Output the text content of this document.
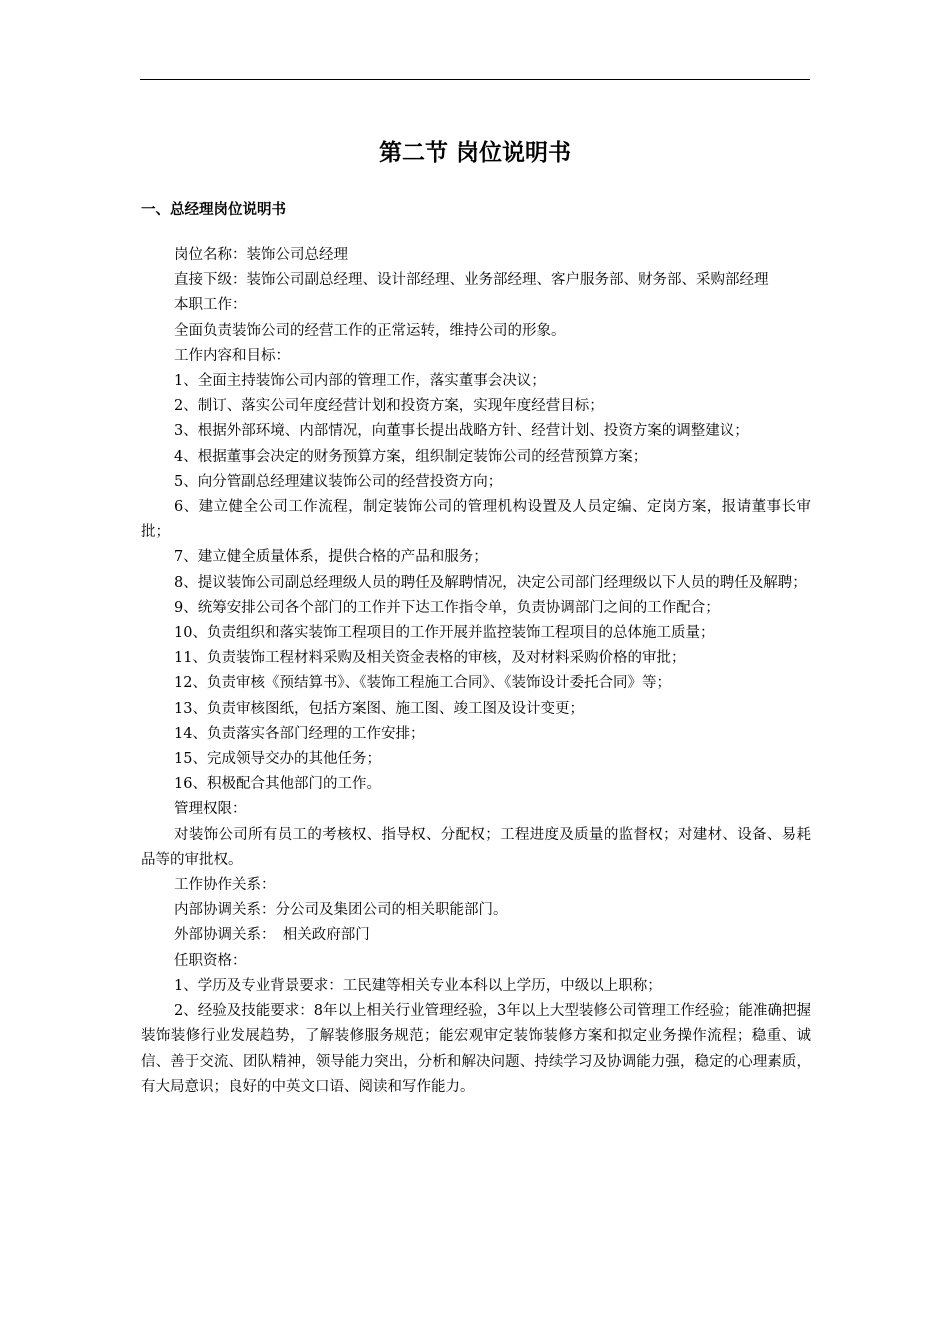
第二节 岗位说明书
一、总经理岗位说明书

岗位名称：装饰公司总经理

直接下级：装饰公司副总经理、设计部经理、业务部经理、客户服务部、财务部、采购部经理

本职工作：

全面负责装饰公司的经营工作的正常运转，维持公司的形象。

工作内容和目标：

1、全面主持装饰公司内部的管理工作，落实董事会决议；

2、制订、落实公司年度经营计划和投资方案，实现年度经营目标；

3、根据外部环境、内部情况，向董事长提出战略方针、经营计划、投资方案的调整建议；

4、根据董事会决定的财务预算方案，组织制定装饰公司的经营预算方案；

5、向分管副总经理建议装饰公司的经营投资方向；

6、建立健全公司工作流程，制定装饰公司的管理机构设置及人员定编、定岗方案，报请董事长审批；

7、建立健全质量体系，提供合格的产品和服务；

8、提议装饰公司副总经理级人员的聘任及解聘情况，决定公司部门经理级以下人员的聘任及解聘；

9、统筹安排公司各个部门的工作并下达工作指令单，负责协调部门之间的工作配合；

10、负责组织和落实装饰工程项目的工作开展并监控装饰工程项目的总体施工质量；

11、负责装饰工程材料采购及相关资金表格的审核，及对材料采购价格的审批；

12、负责审核《预结算书》、《装饰工程施工合同》、《装饰设计委托合同》等；

13、负责审核图纸，包括方案图、施工图、竣工图及设计变更；

14、负责落实各部门经理的工作安排；

15、完成领导交办的其他任务；

16、积极配合其他部门的工作。

管理权限：

对装饰公司所有员工的考核权、指导权、分配权；工程进度及质量的监督权；对建材、设备、易耗品等的审批权。

工作协作关系：

内部协调关系：分公司及集团公司的相关职能部门。

外部协调关系：　相关政府部门

任职资格：

1、学历及专业背景要求：工民建等相关专业本科以上学历，中级以上职称；

2、经验及技能要求：8年以上相关行业管理经验，3年以上大型装修公司管理工作经验；能准确把握装饰装修行业发展趋势，了解装修服务规范；能宏观审定装饰装修方案和拟定业务操作流程；稳重、诚信、善于交流、团队精神，领导能力突出，分析和解决问题、持续学习及协调能力强，稳定的心理素质，有大局意识；良好的中英文口语、阅读和写作能力。
